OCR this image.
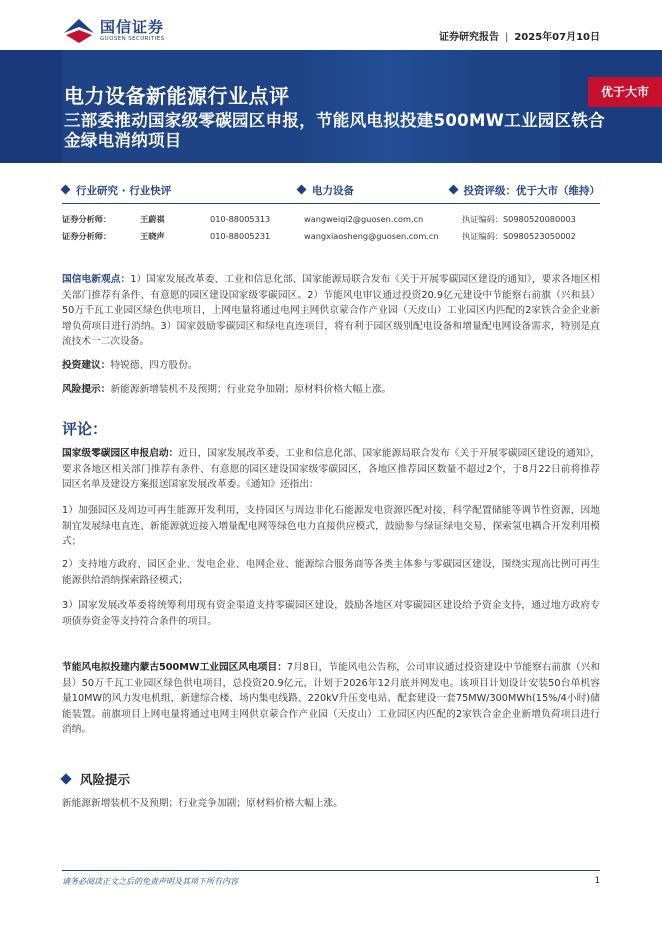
国信证券
GUOSEN SECURITIES	证券研究报告 | 2025年07月10日
电力设备新能源行业点评
三部委推动国家级零碳园区申报，节能风电拟投建500MW工业园区铁合金绿电消纳项目
优于大市
行业研究 · 行业快评	电力设备	投资评级：优于大市（维持）
证券分析师：	王蔚祺	010-88005313	wangweiqi2@guosen.com.cn	执证编码：S0980520080003
证券分析师：	王晓声	010-88005231	wangxiaosheng@guosen.com.cn	执证编码：S0980523050002
国信电新观点：1）国家发展改革委、工业和信息化部、国家能源局联合发布《关于开展零碳园区建设的通知》，要求各地区相关部门推荐有条件、有意愿的园区建设国家级零碳园区。2）节能风电审议通过投资20.9亿元建设中节能察右前旗（兴和县）50万千瓦工业园区绿色供电项目，上网电量将通过电网主网供京蒙合作产业园（天皮山）工业园区内匹配的2家铁合金企业新增负荷项目进行消纳。3）国家鼓励零碳园区和绿电直连项目，将有利于园区级别配电设备和增量配电网设备需求，特别是直流技术一二次设备。
投资建议：特锐德、四方股份。
风险提示：新能源新增装机不及预期；行业竞争加剧；原材料价格大幅上涨。
评论：
国家级零碳园区申报启动：近日，国家发展改革委、工业和信息化部、国家能源局联合发布《关于开展零碳园区建设的通知》，要求各地区相关部门推荐有条件、有意愿的园区建设国家级零碳园区，各地区推荐园区数量不超过2个，于8月22日前将推荐园区名单及建设方案报送国家发展改革委。《通知》还指出：
1）加强园区及周边可再生能源开发利用，支持园区与周边非化石能源发电资源匹配对接，科学配置储能等调节性资源，因地制宜发展绿电直连、新能源就近接入增量配电网等绿色电力直接供应模式，鼓励参与绿证绿电交易，探索氢电耦合开发利用模式；
2）支持地方政府、园区企业、发电企业、电网企业、能源综合服务商等各类主体参与零碳园区建设，围绕实现高比例可再生能源供给消纳探索路径模式；
3）国家发展改革委将统筹利用现有资金渠道支持零碳园区建设，鼓励各地区对零碳园区建设给予资金支持，通过地方政府专项债券资金等支持符合条件的项目。
节能风电拟投建内蒙古500MW工业园区风电项目：7月8日，节能风电公告称，公司审议通过投资建设中节能察右前旗（兴和县）50万千瓦工业园区绿色供电项目，总投资20.9亿元，计划于2026年12月底并网发电。该项目计划设计安装50台单机容量10MW的风力发电机组，新建综合楼、场内集电线路、220kV升压变电站、配套建设一套75MW/300MWh(15%/4小时)储能装置。前旗项目上网电量将通过电网主网供京蒙合作产业园（天皮山）工业园区内匹配的2家铁合金企业新增负荷项目进行消纳。
风险提示
新能源新增装机不及预期；行业竞争加剧；原材料价格大幅上涨。
请务必阅读正文之后的免责声明及其项下所有内容	1
